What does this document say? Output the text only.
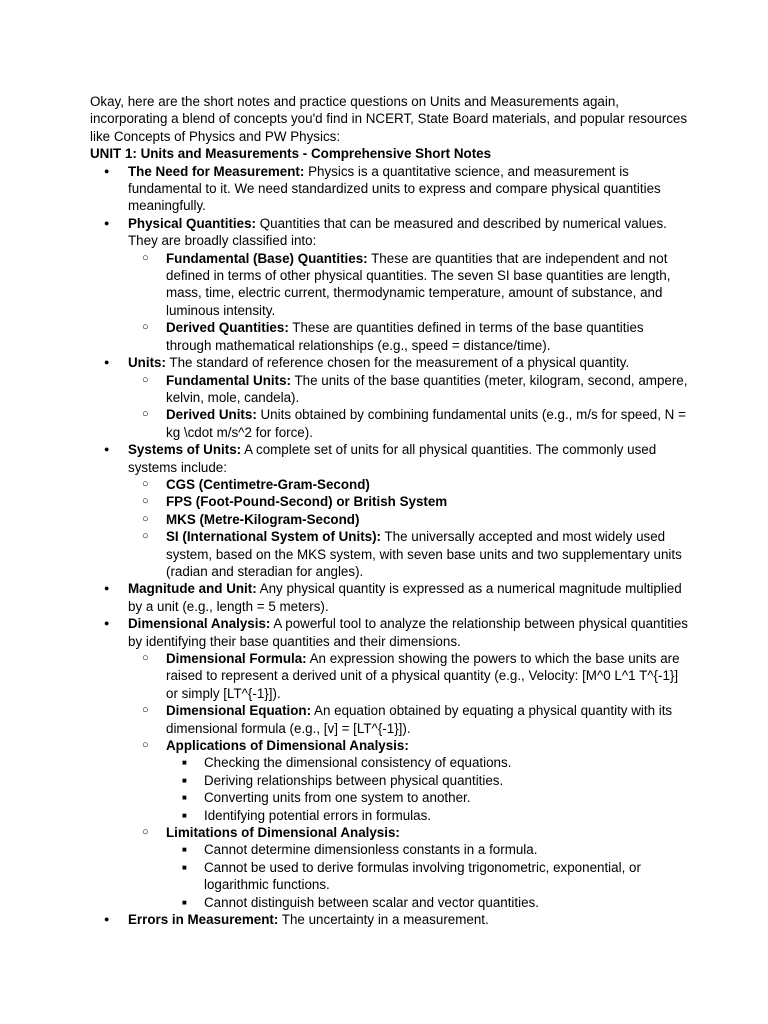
Okay, here are the short notes and practice questions on Units and Measurements again, incorporating a blend of concepts you'd find in NCERT, State Board materials, and popular resources like Concepts of Physics and PW Physics:

UNIT 1: Units and Measurements - Comprehensive Short Notes

● The Need for Measurement: Physics is a quantitative science, and measurement is fundamental to it. We need standardized units to express and compare physical quantities meaningfully.
● Physical Quantities: Quantities that can be measured and described by numerical values. They are broadly classified into:
○ Fundamental (Base) Quantities: These are quantities that are independent and not defined in terms of other physical quantities. The seven SI base quantities are length, mass, time, electric current, thermodynamic temperature, amount of substance, and luminous intensity.
○ Derived Quantities: These are quantities defined in terms of the base quantities through mathematical relationships (e.g., speed = distance/time).
● Units: The standard of reference chosen for the measurement of a physical quantity.
○ Fundamental Units: The units of the base quantities (meter, kilogram, second, ampere, kelvin, mole, candela).
○ Derived Units: Units obtained by combining fundamental units (e.g., m/s for speed, N = kg \cdot m/s^2 for force).
● Systems of Units: A complete set of units for all physical quantities. The commonly used systems include:
○ CGS (Centimetre-Gram-Second)
○ FPS (Foot-Pound-Second) or British System
○ MKS (Metre-Kilogram-Second)
○ SI (International System of Units): The universally accepted and most widely used system, based on the MKS system, with seven base units and two supplementary units (radian and steradian for angles).
● Magnitude and Unit: Any physical quantity is expressed as a numerical magnitude multiplied by a unit (e.g., length = 5 meters).
● Dimensional Analysis: A powerful tool to analyze the relationship between physical quantities by identifying their base quantities and their dimensions.
○ Dimensional Formula: An expression showing the powers to which the base units are raised to represent a derived unit of a physical quantity (e.g., Velocity: [M^0 L^1 T^{-1}] or simply [LT^{-1}]).
○ Dimensional Equation: An equation obtained by equating a physical quantity with its dimensional formula (e.g., [v] = [LT^{-1}]).
○ Applications of Dimensional Analysis:
■ Checking the dimensional consistency of equations.
■ Deriving relationships between physical quantities.
■ Converting units from one system to another.
■ Identifying potential errors in formulas.
○ Limitations of Dimensional Analysis:
■ Cannot determine dimensionless constants in a formula.
■ Cannot be used to derive formulas involving trigonometric, exponential, or logarithmic functions.
■ Cannot distinguish between scalar and vector quantities.
● Errors in Measurement: The uncertainty in a measurement.
